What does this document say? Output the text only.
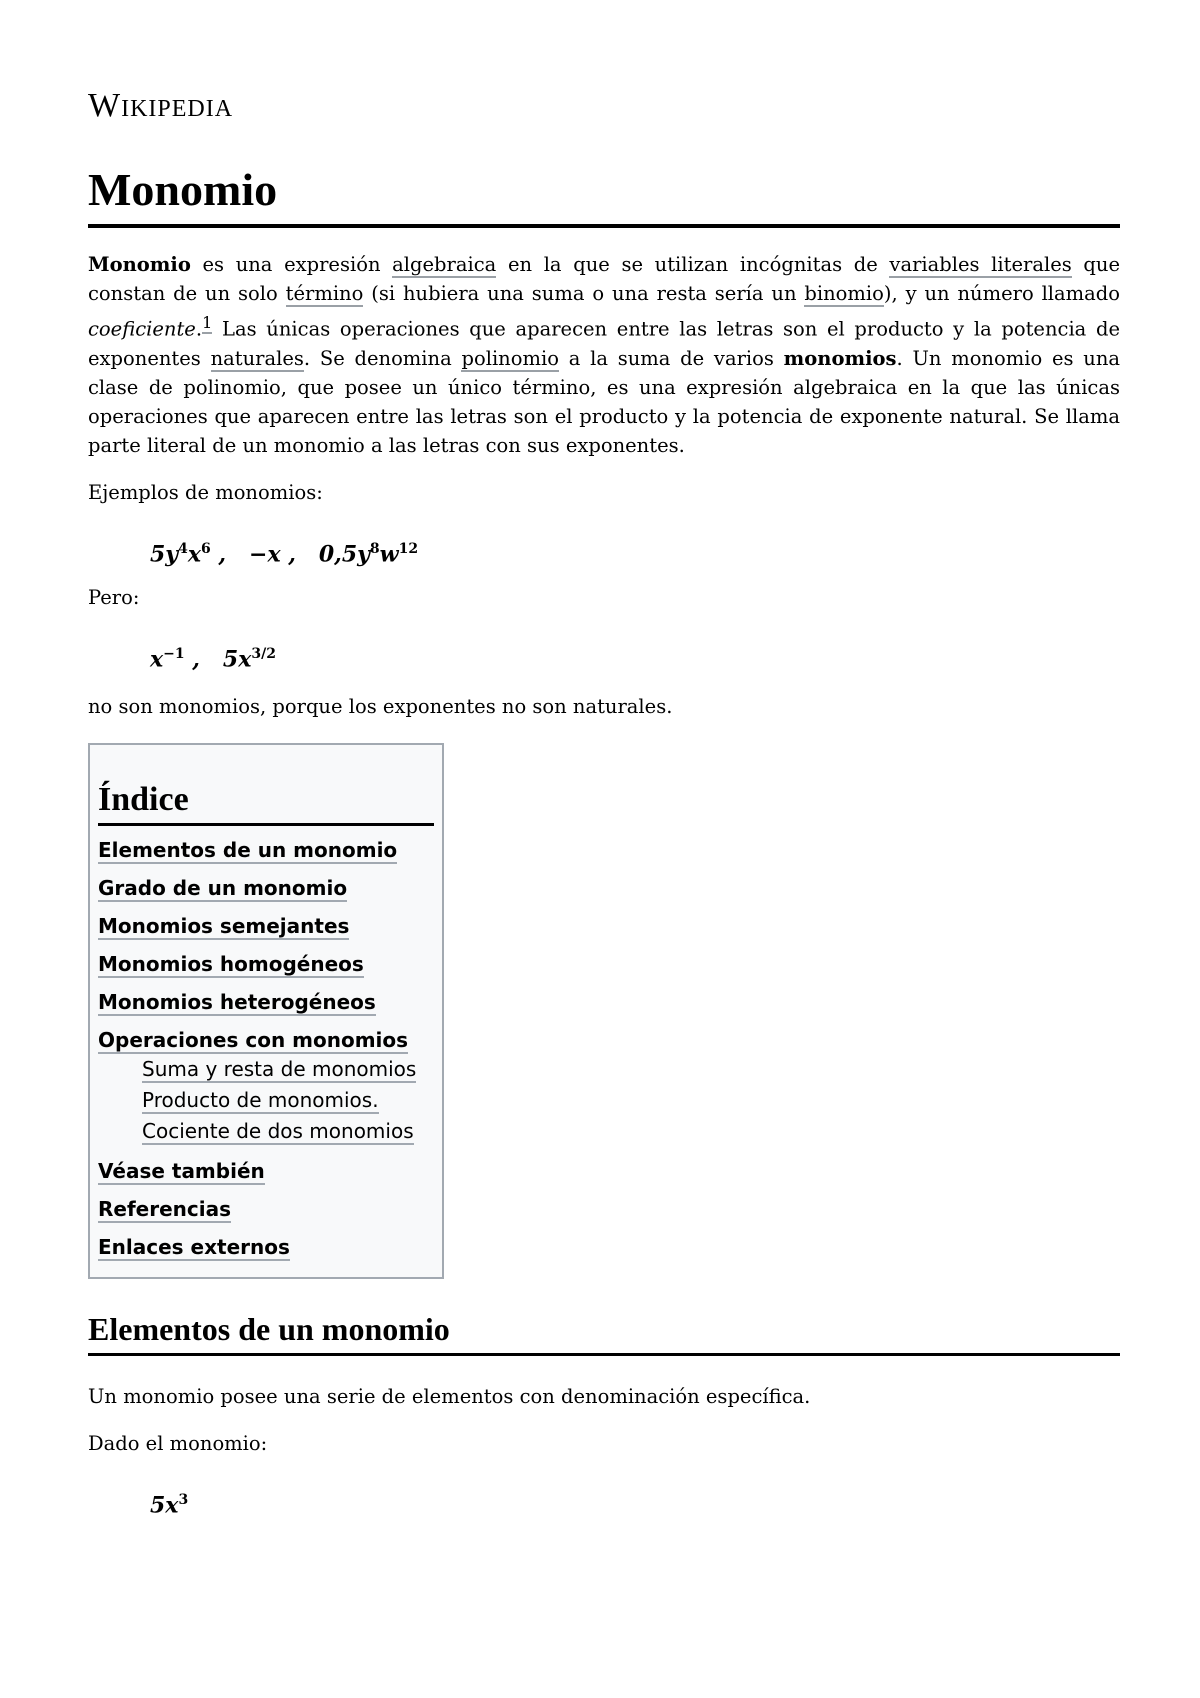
Wikipedia
Monomio

Monomio es una expresión algebraica en la que se utilizan incógnitas de variables literales que constan de un solo término (si hubiera una suma o una resta sería un binomio), y un número llamado coeficiente.$^1$ Las únicas operaciones que aparecen entre las letras son el producto y la potencia de exponentes naturales. Se denomina polinomio a la suma de varios monomios. Un monomio es una clase de polinomio, que posee un único término, es una expresión algebraica en la que las únicas operaciones que aparecen entre las letras son el producto y la potencia de exponente natural. Se llama parte literal de un monomio a las letras con sus exponentes.

Ejemplos de monomios:

$5y^4x^6$ ,   −x ,   $0,5y^8w^{12}$

Pero:

$x^{-1}$ ,   $5x^{3/2}$

no son monomios, porque los exponentes no son naturales.

Índice
Elementos de un monomio
Grado de un monomio
Monomios semejantes
Monomios homogéneos
Monomios heterogéneos
Operaciones con monomios
Suma y resta de monomios
Producto de monomios.
Cociente de dos monomios
Véase también
Referencias
Enlaces externos
Elementos de un monomio

Un monomio posee una serie de elementos con denominación específica.

Dado el monomio:

$5x^3$
